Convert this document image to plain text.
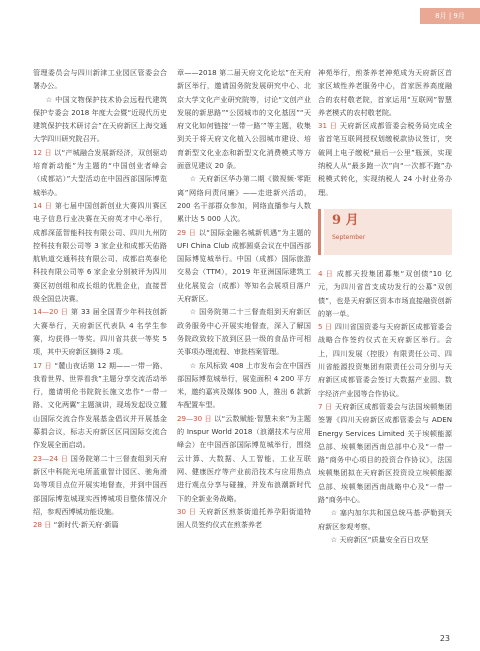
8月 | 9月

管理委员会与四川新津工业园区管委会合署办公。

☆ 中国文物保护技术协会远程代建筑保护专委会 2018 年度大会暨“近现代历史建筑保护技术研讨会”在天府新区上海交通大学四川研究院召开。

12 日 以“产城融合发展新经济，双创驱动培育新动能”为主题的“中国创业者峰会（成都站）”大型活动在中国西部国际博览城举办。

14 日 第七届中国创新创业大赛四川赛区电子信息行业决赛在天府英才中心举行，成都深蓝智能科技有限公司、四川九州防控科技有限公司等 3 家企业和成都天佑路航轨道交通科技有限公司、成都启英泰伦科技有限公司等 6 家企业分别被评为四川赛区初创组和成长组的优胜企业，直接晋级全国总决赛。

14—20 日 第 33 届全国青少年科技创新大赛举行，天府新区代表队 4 名学生参赛，均获得一等奖。四川省共获一等奖 5 项，其中天府新区摘得 2 项。

17 日 “麓山夜话第 12 期——一带一路、我看世界、世界看我”主题分享交流活动举行，邀请明伦书院院长施文忠作“一带一路、文化两翼”主题演讲，现场发起设立麓山国际交流合作发展基金倡议并开展基金募捐会议，标志天府新区区同国际交流合作发展全面启动。

23—24 日 国务院第二十三督查组到天府新区中科院光电所蓝重智计园区、驰角滑岛等项目点位开展实地督查，并到中国西部国际博览城现实西博城项目整体情况介绍，参观西博城功能设施。

28 日 “新时代·新天府·新篇

章——2018 第二届天府文化论坛”在天府新区举行，邀请国务院发展研究中心、北京大学文化产业研究院等，讨论“文创产业发展的新思路”“公园城市的文化基因”“天府文化如何链接‘一带一路’”等主题，收集到关于将天府文化植入公园城市建设、培育新型文化业态和新型文化消费模式等方面意见建议 20 条。

☆ 天府新区华办第二期《微视频·零距离”网络问责问廉》——走进新兴活动，200 名干部群众参加，网络直播参与人数累计达 5 000 人次。

29 日 以“国际金融名城新机遇”为主题的 UFI China Club 成都圆桌会议在中国西部国际博览城举行。中国（成都）国际旅游交易会（TTM），2019 年亚洲国际建筑工业化展览会（成都）等知名会展项目落户天府新区。

☆ 国务院第二十三督查组到天府新区政务服务中心开展实地督查，深入了解国务院政致较下放到区县一级的食品许可相关事项办理流程、审批档案管理。

☆ 东风标致 408 上市发布会在中国西部国际博览城举行，展览面积 4 200 平方米，邀约嘉宾及媒体 900 人，推出 6 款新车配置车型。

29—30 日 以“云数赋能·智慧未来”为主题的 Inspur World 2018（浪潮技术与应用峰会）在中国西部国际博览城举行，围绕云计算、大数据、人工智能、工业互联网、健康医疗等产业前沿技术与应用热点进行观点分享与碰撞，并发布浪潮新时代下的全新业务战略。

30 日 天府新区煎茶街道托养孕阳街道特困人员签约仪式在煎茶养老

神苑举行，煎茶养老神苑成为天府新区首家区域性养老服务中心，首家医养高度融合的农村敬老院，首家运用“互联网”智慧养老模式的农村敬老院。

31 日 天府新区成都管委会税务局完成全省首笔互联网授权划缴税款协议签订，突破网上电子缴税“最后一公里”瓶颈，实现纳税人从“最多跑一次”向“一次都不跑”办税模式转化，实现纳税人 24 小时业务办理。

9 月
September

4 日 成都天投集团募集“双创债”10 亿元，为四川省首支成功发行的公募“双创债”，也是天府新区资本市场直接融资创新的第一单。

5 日 四川省国资委与天府新区成都管委会战略合作签约仪式在天府新区举行。会上，四川发展（控股）有限责任公司、四川省能源投资集团有限责任公司分别与天府新区成都管委会签订大数据产业园、数字经济产业园等合作协议。

7 日 天府新区成都管委会与法国埃顿集团签署《四川天府新区成都管委会与 ADEN Energy Services Limited 关于埃顿能源总部、埃顿集团西南总部中心及“一带一路”商务中心项目的投资合作协议》，法国埃顿集团拟在天府新区投资设立埃顿能源总部、埃顿集团西南战略中心及“一带一路”商务中心。

☆ 塞内加尔共和国总统马基·萨勒到天府新区参观考察。

☆ 天府新区“质量安全百日攻坚

23
